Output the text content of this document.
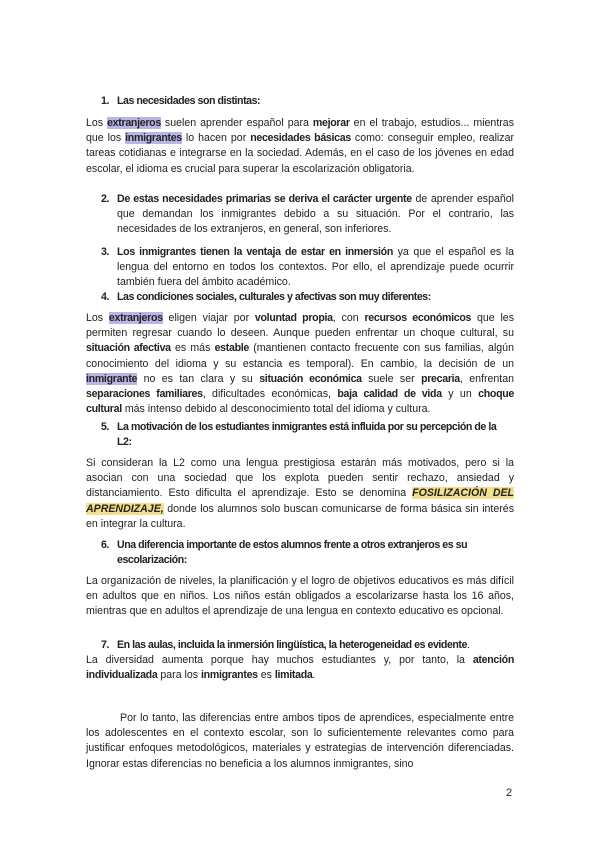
1. Las necesidades son distintas:
Los extranjeros suelen aprender español para mejorar en el trabajo, estudios... mientras que los inmigrantes lo hacen por necesidades básicas como: conseguir empleo, realizar tareas cotidianas e integrarse en la sociedad. Además, en el caso de los jóvenes en edad escolar, el idioma es crucial para superar la escolarización obligatoria.
2. De estas necesidades primarias se deriva el carácter urgente de aprender español que demandan los inmigrantes debido a su situación. Por el contrario, las necesidades de los extranjeros, en general, son inferiores.
3. Los inmigrantes tienen la ventaja de estar en inmersión ya que el español es la lengua del entorno en todos los contextos. Por ello, el aprendizaje puede ocurrir también fuera del ámbito académico.
4. Las condiciones sociales, culturales y afectivas son muy diferentes:
Los extranjeros eligen viajar por voluntad propia, con recursos económicos que les permiten regresar cuando lo deseen. Aunque pueden enfrentar un choque cultural, su situación afectiva es más estable (mantienen contacto frecuente con sus familias, algún conocimiento del idioma y su estancia es temporal). En cambio, la decisión de un inmigrante no es tan clara y su situación económica suele ser precaria, enfrentan separaciones familiares, dificultades económicas, baja calidad de vida y un choque cultural más intenso debido al desconocimiento total del idioma y cultura.
5. La motivación de los estudiantes inmigrantes está influida por su percepción de la L2:
Si consideran la L2 como una lengua prestigiosa estarán más motivados, pero si la asocian con una sociedad que los explota pueden sentir rechazo, ansiedad y distanciamiento. Esto dificulta el aprendizaje. Esto se denomina FOSILIZACIÓN DEL APRENDIZAJE, donde los alumnos solo buscan comunicarse de forma básica sin interés en integrar la cultura.
6. Una diferencia importante de estos alumnos frente a otros extranjeros es su escolarización:
La organización de niveles, la planificación y el logro de objetivos educativos es más difícil en adultos que en niños. Los niños están obligados a escolarizarse hasta los 16 años, mientras que en adultos el aprendizaje de una lengua en contexto educativo es opcional.
7. En las aulas, incluida la inmersión lingüística, la heterogeneidad es evidente.
La diversidad aumenta porque hay muchos estudiantes y, por tanto, la atención individualizada para los inmigrantes es limitada.
Por lo tanto, las diferencias entre ambos tipos de aprendices, especialmente entre los adolescentes en el contexto escolar, son lo suficientemente relevantes como para justificar enfoques metodológicos, materiales y estrategias de intervención diferenciadas. Ignorar estas diferencias no beneficia a los alumnos inmigrantes, sino
2
